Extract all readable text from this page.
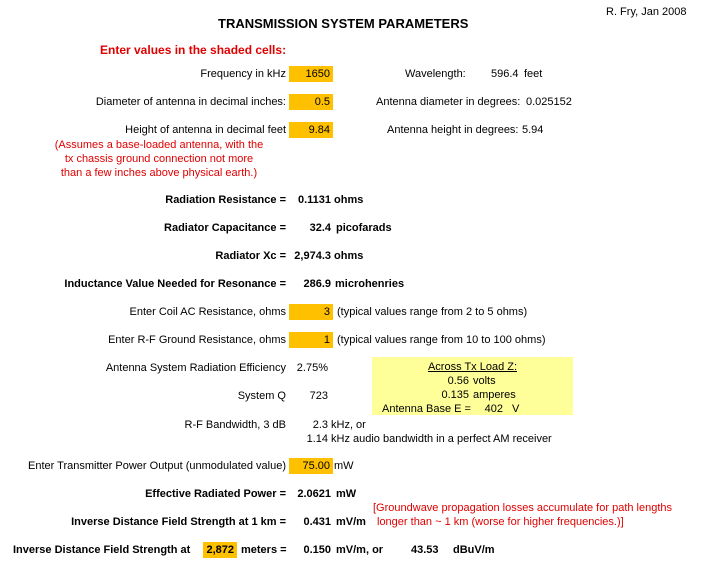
TRANSMISSION SYSTEM PARAMETERS
R. Fry, Jan 2008
Enter values in the shaded cells:
Frequency in kHz	1650	Wavelength: 596.4 feet
Diameter of antenna in decimal inches:	0.5	Antenna diameter in degrees: 0.025152
Height of antenna in decimal feet	9.84	Antenna height in degrees: 5.94
(Assumes a base-loaded antenna, with the
tx chassis ground connection not more
than a few inches above physical earth.)
Radiation Resistance = 0.1131 ohms
Radiator Capacitance = 32.4 picofarads
Radiator Xc = 2,974.3 ohms
Inductance Value Needed for Resonance = 286.9 microhenries
Enter Coil AC Resistance, ohms	3 (typical values range from 2 to 5 ohms)
Enter R-F Ground Resistance, ohms	1 (typical values range from 10 to 100 ohms)
Antenna System Radiation Efficiency 2.75%
System Q 723
R-F Bandwidth, 3 dB 2.3 kHz, or
1.14 kHz audio bandwidth in a perfect AM receiver
Across Tx Load Z:
0.56 volts
0.135 amperes
Antenna Base E = 402 V
Enter Transmitter Power Output (unmodulated value)	75.00 mW
Effective Radiated Power = 2.0621 mW
Inverse Distance Field Strength at 1 km = 0.431 mV/m
[Groundwave propagation losses accumulate for path lengths
longer than ~ 1 km (worse for higher frequencies.)]
Inverse Distance Field Strength at	2,872 meters = 0.150 mV/m, or	43.53 dBuV/m
